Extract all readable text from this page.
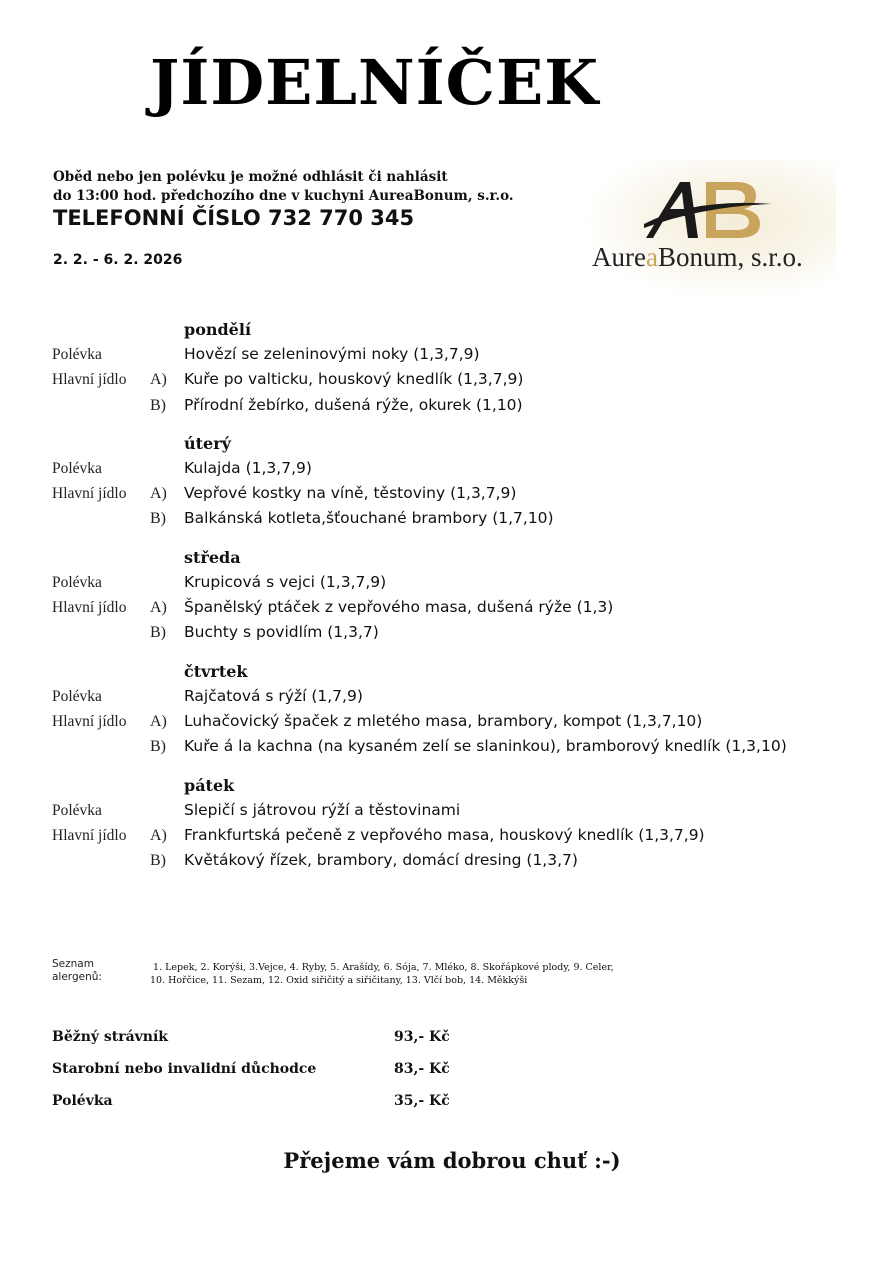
JÍDELNÍČEK
Oběd nebo jen polévku je možné odhlásit či nahlásit
do 13:00 hod. předchozího dne v kuchyni AureaBonum, s.r.o.
TELEFONNÍ ČÍSLO 732 770 345
2. 2. - 6. 2. 2026	AureaBonum, s.r.o.
pondělí
Polévka	Hovězí se zeleninovými noky (1,3,7,9)
Hlavní jídlo	A)	Kuře po valticku, houskový knedlík (1,3,7,9)
B)	Přírodní žebírko, dušená rýže, okurek (1,10)
úterý
Polévka	Kulajda (1,3,7,9)
Hlavní jídlo	A)	Vepřové kostky na víně, těstoviny (1,3,7,9)
B)	Balkánská kotleta,šťouchané brambory (1,7,10)
středa
Polévka	Krupicová s vejci (1,3,7,9)
Hlavní jídlo	A)	Španělský ptáček z vepřového masa, dušená rýže (1,3)
B)	Buchty s povidlím (1,3,7)
čtvrtek
Polévka	Rajčatová s rýží (1,7,9)
Hlavní jídlo	A)	Luhačovický špaček z mletého masa, brambory, kompot (1,3,7,10)
B)	Kuře á la kachna (na kysaném zelí se slaninkou), bramborový knedlík (1,3,10)
pátek
Polévka	Slepičí s játrovou rýží a těstovinami
Hlavní jídlo	A)	Frankfurtská pečeně z vepřového masa, houskový knedlík (1,3,7,9)
B)	Květákový řízek, brambory, domácí dresing (1,3,7)
Seznam
alergenů:
1. Lepek, 2. Korýši, 3.Vejce, 4. Ryby, 5. Arašídy, 6. Sója, 7. Mléko, 8. Skořápkové plody, 9. Celer,
10. Hořčice, 11. Sezam, 12. Oxid siřičitý a siřičitany, 13. Vlčí bob, 14. Měkkýši
Běžný strávník	93,- Kč
Starobní nebo invalidní důchodce	83,- Kč
Polévka	35,- Kč
Přejeme vám dobrou chuť :-)
